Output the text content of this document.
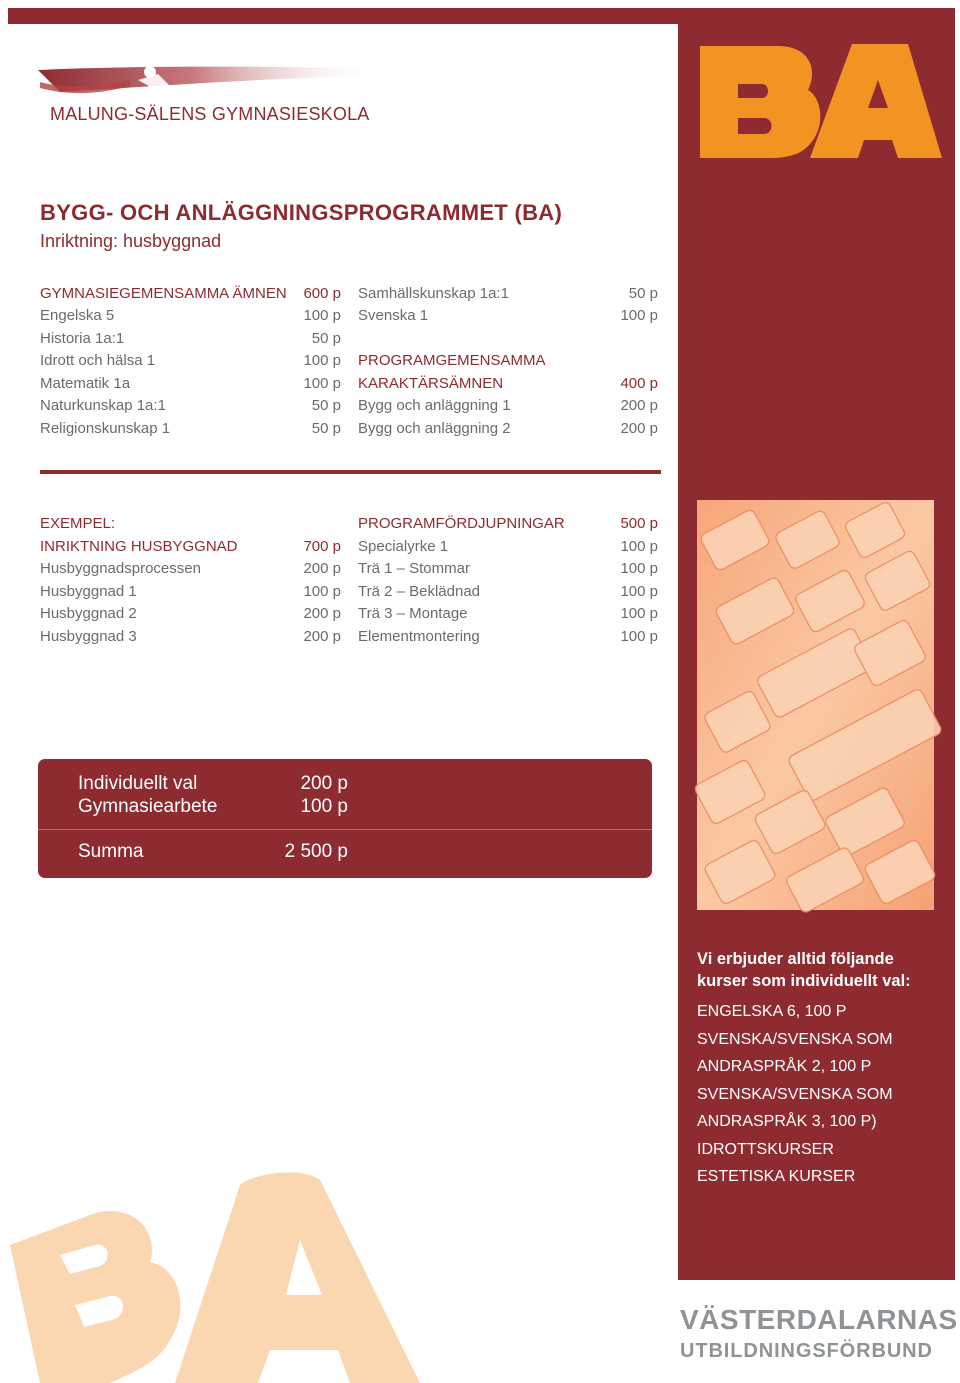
MALUNG-SÄLENS GYMNASIESKOLA
BYGG- OCH ANLÄGGNINGSPROGRAMMET (BA)
Inriktning: husbyggnad
GYMNASIEGEMENSAMMA ÄMNEN 600 p
Engelska 5	100 p
Historia 1a:1	50 p
Idrott och hälsa 1	100 p
Matematik 1a	100 p
Naturkunskap 1a:1	50 p
Religionskunskap 1	50 p
Samhällskunskap 1a:1	50 p
Svenska 1	100 p
PROGRAMGEMENSAMMA
KARAKTÄRSÄMNEN	400 p
Bygg och anläggning 1	200 p
Bygg och anläggning 2	200 p
EXEMPEL:
INRIKTNING HUSBYGGNAD	700 p
Husbyggnadsprocessen	200 p
Husbyggnad 1	100 p
Husbyggnad 2	200 p
Husbyggnad 3	200 p
PROGRAMFÖRDJUPNINGAR	500 p
Specialyrke 1	100 p
Trä 1 – Stommar	100 p
Trä 2 – Beklädnad	100 p
Trä 3 – Montage	100 p
Elementmontering	100 p
Individuellt val	200 p
Gymnasiearbete	100 p
Summa	2 500 p
Vi erbjuder alltid följande
kurser som individuellt val:
ENGELSKA 6, 100 P
SVENSKA/SVENSKA SOM
ANDRASPRÅK 2, 100 P
SVENSKA/SVENSKA SOM
ANDRASPRÅK 3, 100 P)
IDROTTSKURSER
ESTETISKA KURSER
VÄSTERDALARNAS
UTBILDNINGSFÖRBUND
